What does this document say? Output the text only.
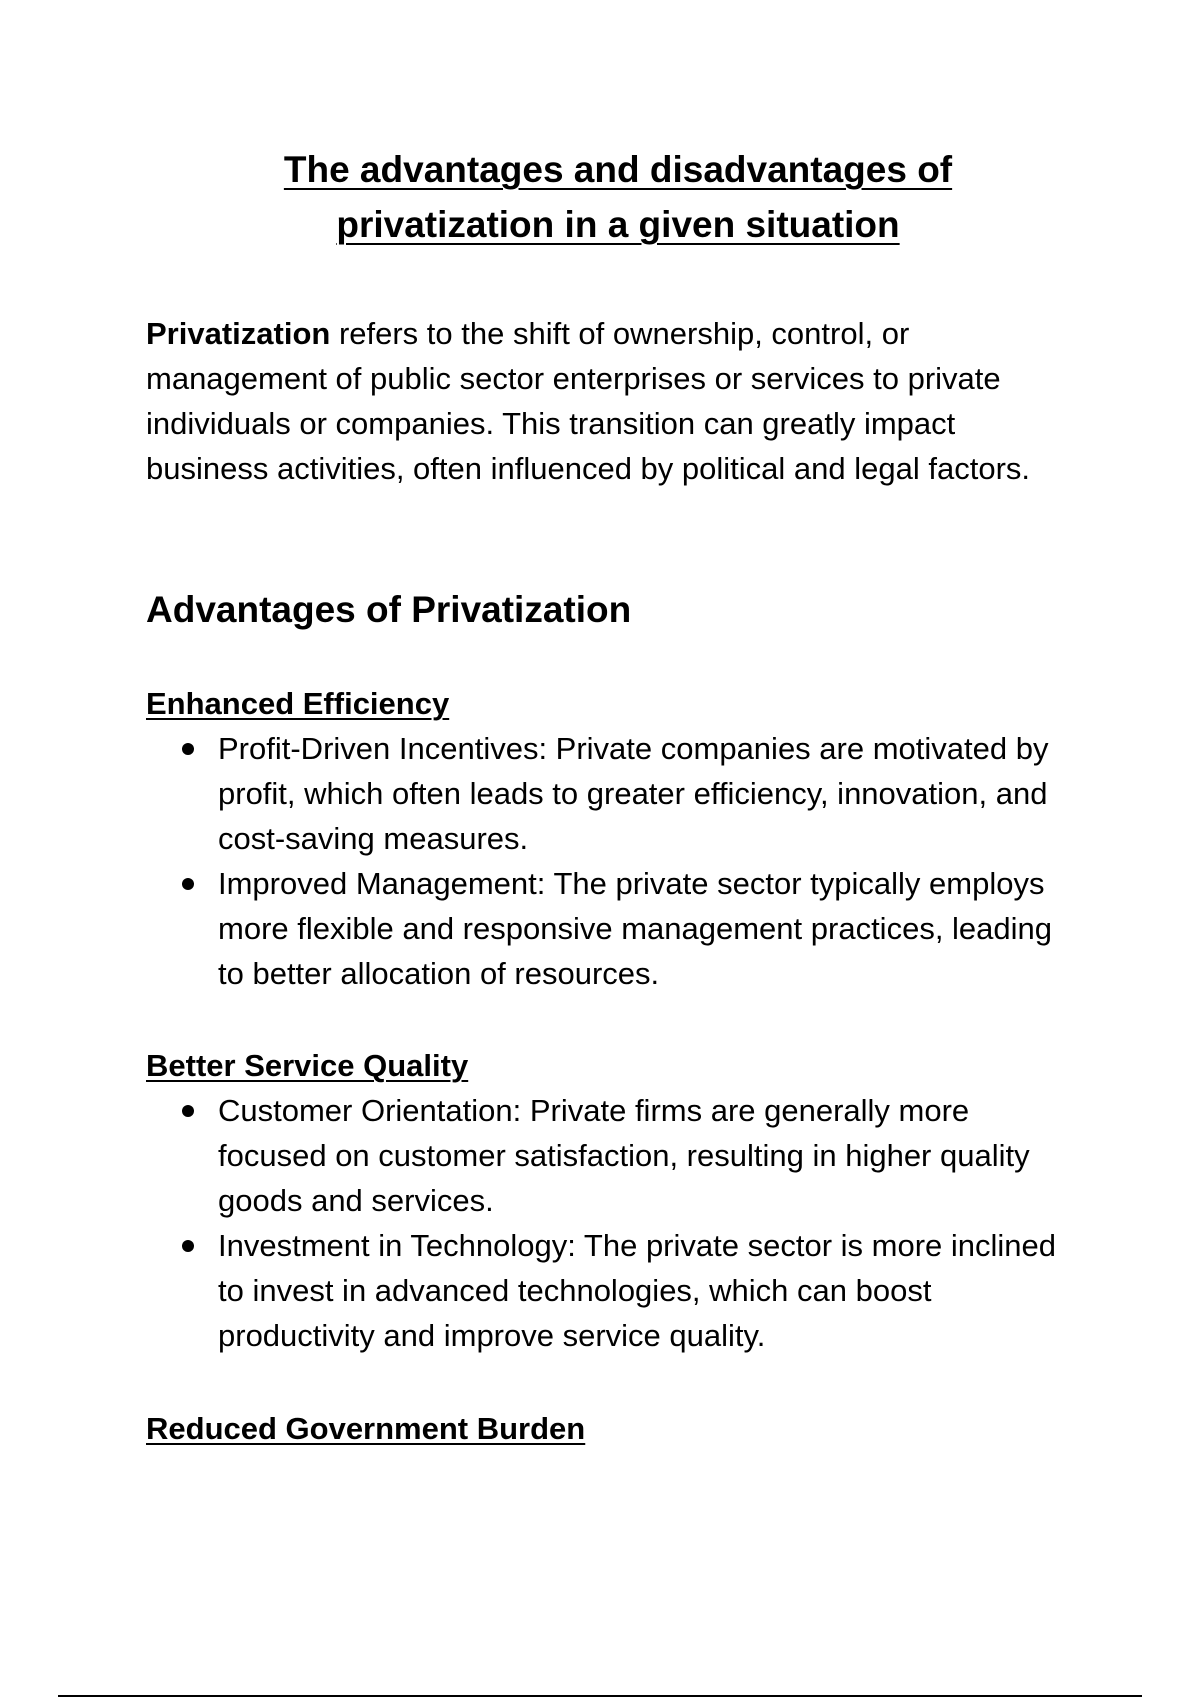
The advantages and disadvantages of
privatization in a given situation

Privatization refers to the shift of ownership, control, or management of public sector enterprises or services to private individuals or companies. This transition can greatly impact business activities, often influenced by political and legal factors.

Advantages of Privatization
Enhanced Efficiency
Profit-Driven Incentives: Private companies are motivated by profit, which often leads to greater efficiency, innovation, and cost-saving measures.
Improved Management: The private sector typically employs more flexible and responsive management practices, leading to better allocation of resources.
Better Service Quality
Customer Orientation: Private firms are generally more focused on customer satisfaction, resulting in higher quality goods and services.
Investment in Technology: The private sector is more inclined to invest in advanced technologies, which can boost productivity and improve service quality.
Reduced Government Burden
